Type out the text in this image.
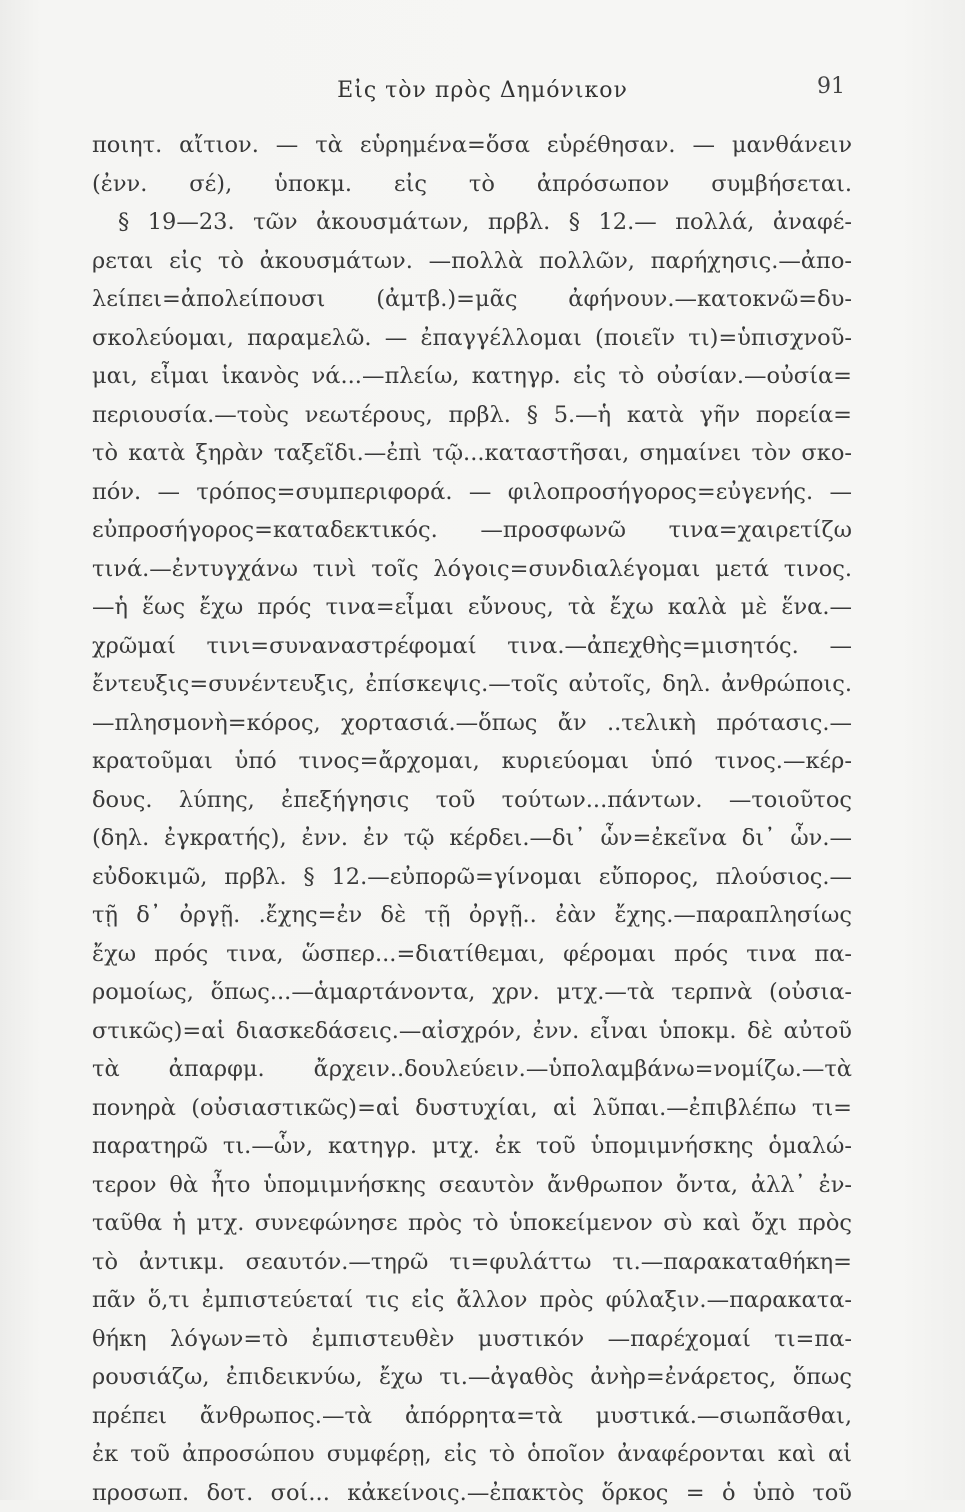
Εἰς τὸν πρὸς Δημόνικον	91
ποιητ. αἴτιον. — τὰ εὑρημένα=ὅσα εὑρέθησαν. — μανθάνειν
(ἐνν. σέ), ὑποκμ. εἰς τὸ ἀπρόσωπον συμβήσεται.
§ 19—23. τῶν ἀκουσμάτων, πρβλ. § 12.— πολλά, ἀναφέ-
ρεται εἰς τὸ ἀκουσμάτων. —πολλὰ πολλῶν, παρήχησις.—ἀπο-
λείπει=ἀπολείπουσι (ἀμτβ.)=μᾶς ἀφήνουν.—κατοκνῶ=δυ-
σκολεύομαι, παραμελῶ. — ἐπαγγέλλομαι (ποιεῖν τι)=ὑπισχνοῦ-
μαι, εἶμαι ἱκανὸς νά...—πλείω, κατηγρ. εἰς τὸ οὐσίαν.—οὐσία=
περιουσία.—τοὺς νεωτέρους, πρβλ. § 5.—ἡ κατὰ γῆν πορεία=
τὸ κατὰ ξηρὰν ταξεῖδι.—ἐπὶ τῷ...καταστῆσαι, σημαίνει τὸν σκο-
πόν. — τρόπος=συμπεριφορά. — φιλοπροσήγορος=εὐγενής. —
εὐπροσήγορος=καταδεκτικός. —προσφωνῶ τινα=χαιρετίζω
τινά.—ἐντυγχάνω τινὶ τοῖς λόγοις=συνδιαλέγομαι μετά τινος.
—ἡ ἕως ἔχω πρός τινα=εἶμαι εὔνους, τὰ ἔχω καλὰ μὲ ἕνα.—
χρῶμαί τινι=συναναστρέφομαί τινα.—ἀπεχθὴς=μισητός. —
ἔντευξις=συνέντευξις, ἐπίσκεψις.—τοῖς αὐτοῖς, δηλ. ἀνθρώποις.
—πλησμονὴ=κόρος, χορτασιά.—ὅπως ἄν ..τελικὴ πρότασις.—
κρατοῦμαι ὑπό τινος=ἄρχομαι, κυριεύομαι ὑπό τινος.—κέρ-
δους. λύπης, ἐπεξήγησις τοῦ τούτων...πάντων. —τοιοῦτος
(δηλ. ἐγκρατής), ἐνν. ἐν τῷ κέρδει.—δι᾽ ὧν=ἐκεῖνα δι᾽ ὧν.—
εὐδοκιμῶ, πρβλ. § 12.—εὐπορῶ=γίνομαι εὔπορος, πλούσιος.—
τῇ δ᾽ ὀργῇ. .ἔχης=ἐν δὲ τῇ ὀργῇ.. ἐὰν ἔχης.—παραπλησίως
ἔχω πρός τινα, ὥσπερ...=διατίθεμαι, φέρομαι πρός τινα πα-
ρομοίως, ὅπως...—ἁμαρτάνοντα, χρν. μτχ.—τὰ τερπνὰ (οὐσια-
στικῶς)=αἱ διασκεδάσεις.—αἰσχρόν, ἐνν. εἶναι ὑποκμ. δὲ αὐτοῦ
τὰ ἀπαρφμ. ἄρχειν..δουλεύειν.—ὑπολαμβάνω=νομίζω.—τὰ
πονηρὰ (οὐσιαστικῶς)=αἱ δυστυχίαι, αἱ λῦπαι.—ἐπιβλέπω τι=
παρατηρῶ τι.—ὧν, κατηγρ. μτχ. ἐκ τοῦ ὑπομιμνήσκης ὁμαλώ-
τερον θὰ ἦτο ὑπομιμνήσκης σεαυτὸν ἄνθρωπον ὄντα, ἀλλ᾽ ἐν-
ταῦθα ἡ μτχ. συνεφώνησε πρὸς τὸ ὑποκείμενον σὺ καὶ ὄχι πρὸς
τὸ ἀντικμ. σεαυτόν.—τηρῶ τι=φυλάττω τι.—παρακαταθήκη=
πᾶν ὅ,τι ἐμπιστεύεταί τις εἰς ἄλλον πρὸς φύλαξιν.—παρακατα-
θήκη λόγων=τὸ ἐμπιστευθὲν μυστικόν —παρέχομαί τι=πα-
ρουσιάζω, ἐπιδεικνύω, ἔχω τι.—ἀγαθὸς ἀνὴρ=ἐνάρετος, ὅπως
πρέπει ἄνθρωπος.—τὰ ἀπόρρητα=τὰ μυστικά.—σιωπᾶσθαι,
ἐκ τοῦ ἀπροσώπου συμφέρῃ, εἰς τὸ ὁποῖον ἀναφέρονται καὶ αἱ
προσωπ. δοτ. σοί... κἀκείνοις.—ἐπακτὸς ὅρκος = ὁ ὑπὸ τοῦ
